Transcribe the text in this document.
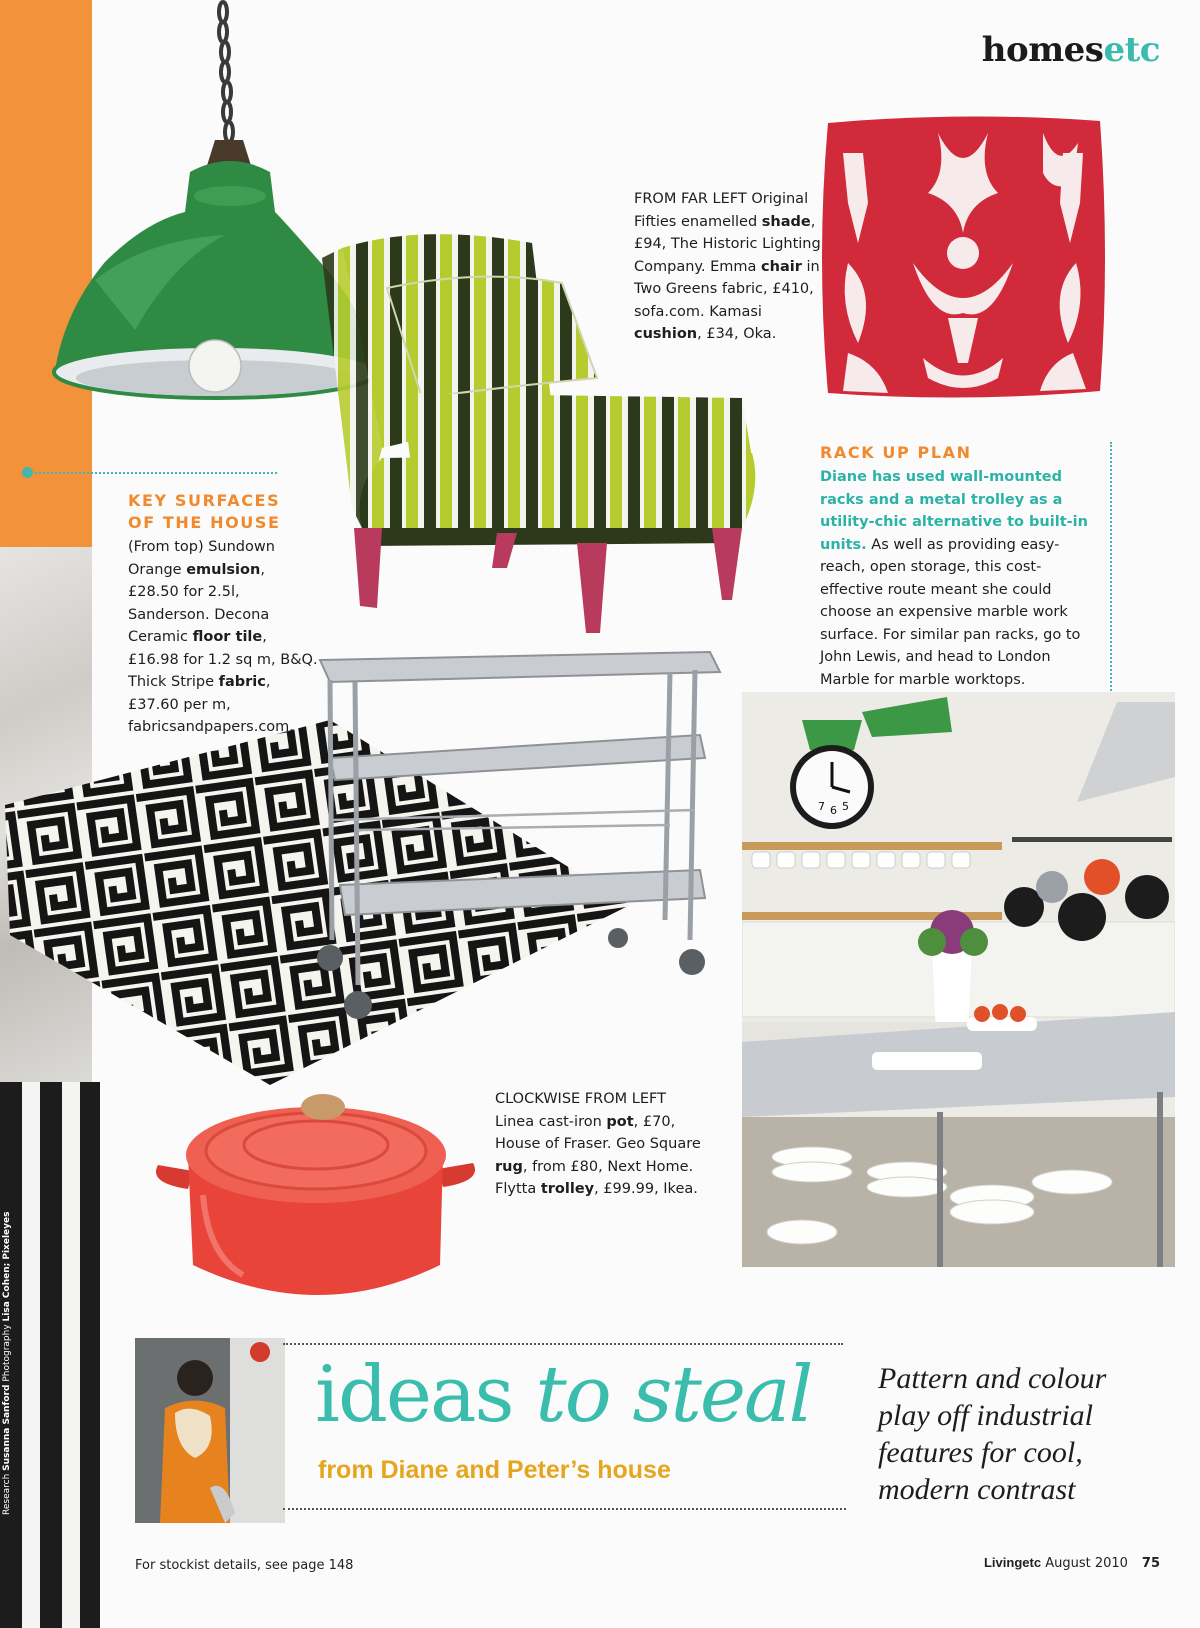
Research Susanna Sanford Photography Lisa Cohen; Pixeleyes
homesetc
FROM FAR LEFT Original Fifties enamelled shade, £94, The Historic Lighting Company. Emma chair in Two Greens fabric, £410, sofa.com. Kamasi cushion, £34, Oka.
KEY SURFACES
OF THE HOUSE
(From top) Sundown Orange emulsion, £28.50 for 2.5l, Sanderson. Decona Ceramic floor tile, £16.98 for 1.2 sq m, B&Q. Thick Stripe fabric, £37.60 per m, fabricsandpapers.com.
RACK UP PLAN
Diane has used wall-mounted racks and a metal trolley as a utility-chic alternative to built-in units. As well as providing easy-reach, open storage, this cost-effective route meant she could choose an expensive marble work surface. For similar pan racks, go to John Lewis, and head to London Marble for marble worktops.
CLOCKWISE FROM LEFT
Linea cast-iron pot, £70, House of Fraser. Geo Square rug, from £80, Next Home. Flytta trolley, £99.99, Ikea.
7 6 5
ideas to steal
from Diane and Peter’s house
Pattern and colour play off industrial features for cool, modern contrast
For stockist details, see page 148	Livingetc August 2010 75
